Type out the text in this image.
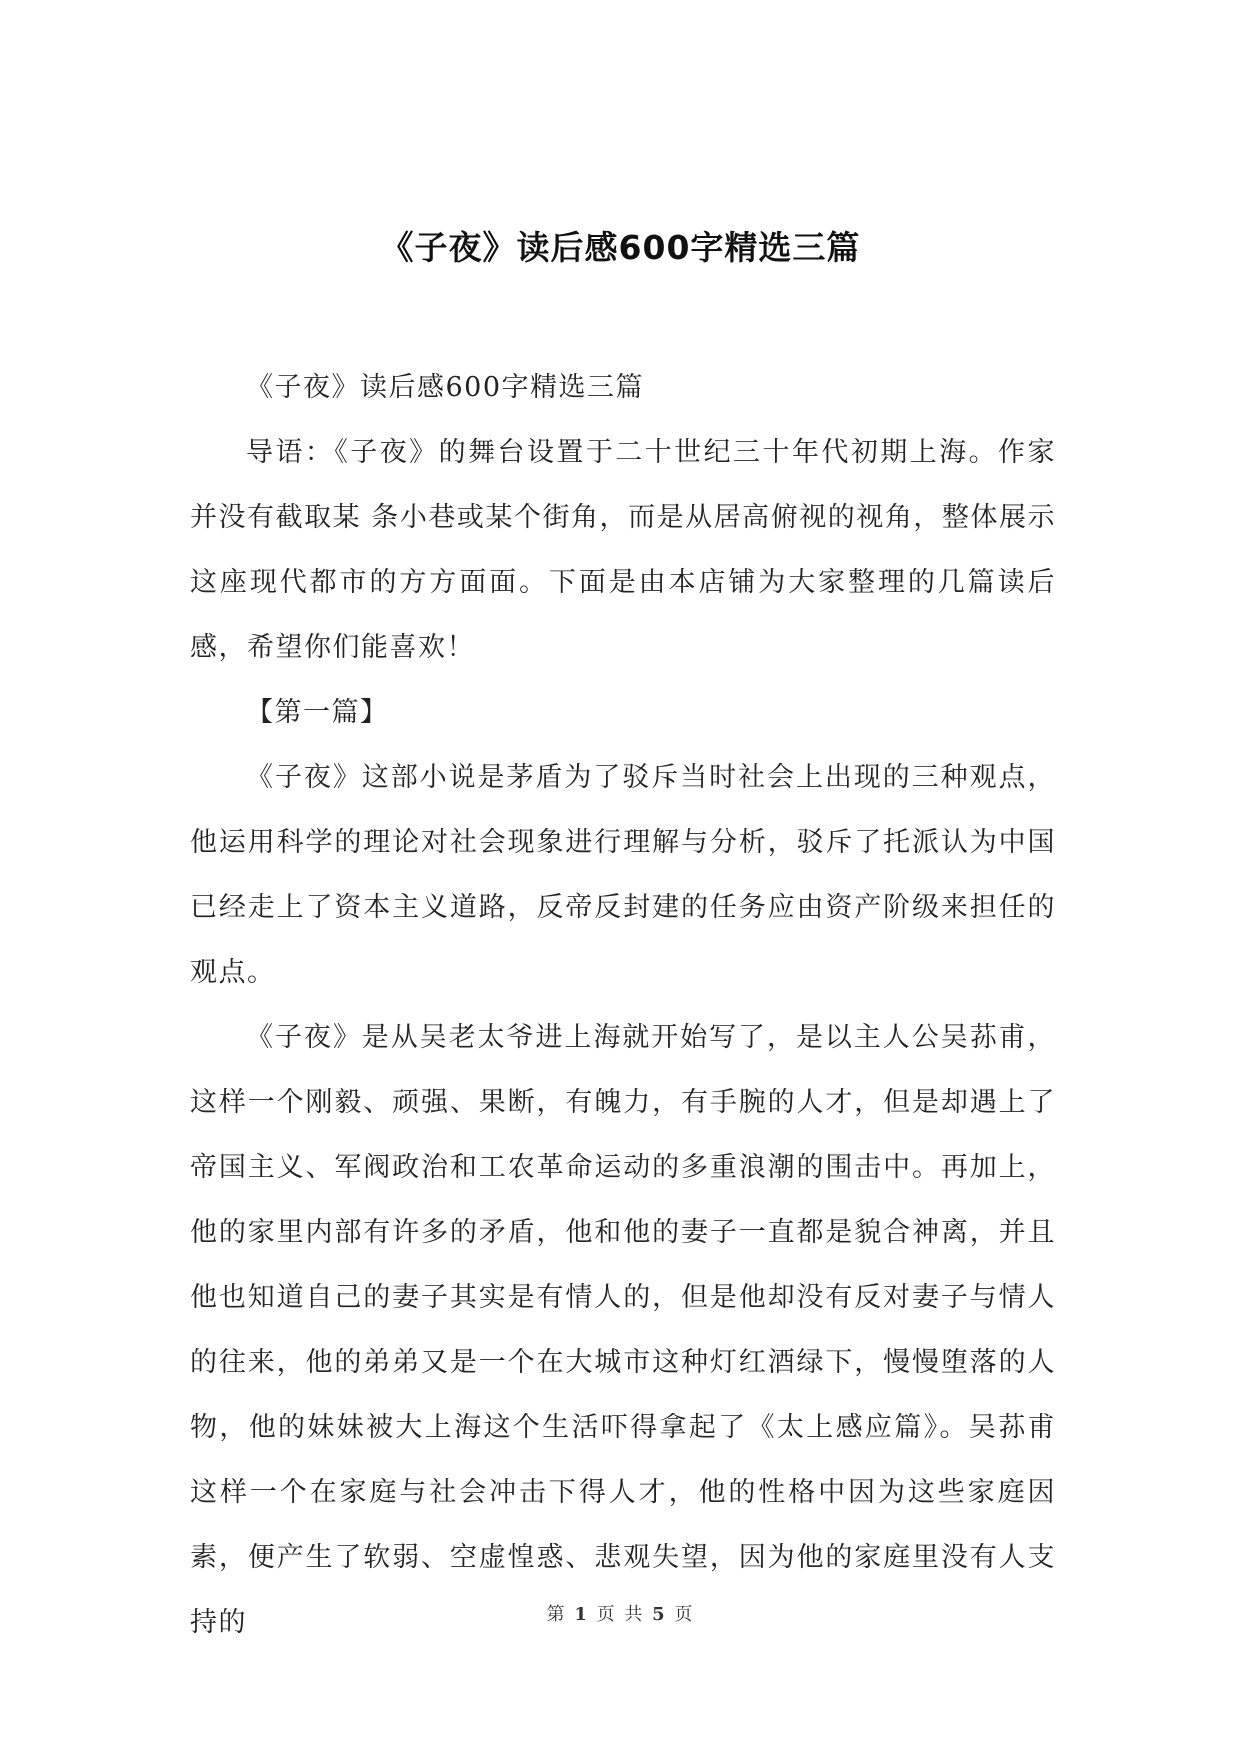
《子夜》读后感600字精选三篇

《子夜》读后感600字精选三篇

导语：《子夜》的舞台设置于二十世纪三十年代初期上海。作家并没有截取某 条小巷或某个街角，而是从居高俯视的视角，整体展示这座现代都市的方方面面。下面是由本店铺为大家整理的几篇读后感，希望你们能喜欢！

【第一篇】

《子夜》这部小说是茅盾为了驳斥当时社会上出现的三种观点，他运用科学的理论对社会现象进行理解与分析，驳斥了托派认为中国已经走上了资本主义道路，反帝反封建的任务应由资产阶级来担任的观点。

《子夜》是从吴老太爷进上海就开始写了，是以主人公吴荪甫，这样一个刚毅、顽强、果断，有魄力，有手腕的人才，但是却遇上了帝国主义、军阀政治和工农革命运动的多重浪潮的围击中。再加上，他的家里内部有许多的矛盾，他和他的妻子一直都是貌合神离，并且他也知道自己的妻子其实是有情人的，但是他却没有反对妻子与情人的往来，他的弟弟又是一个在大城市这种灯红酒绿下，慢慢堕落的人物，他的妹妹被大上海这个生活吓得拿起了《太上感应篇》。吴荪甫这样一个在家庭与社会冲击下得人才，他的性格中因为这些家庭因素，便产生了软弱、空虚惶惑、悲观失望，因为他的家庭里没有人支持的	第 1 页 共 5 页
